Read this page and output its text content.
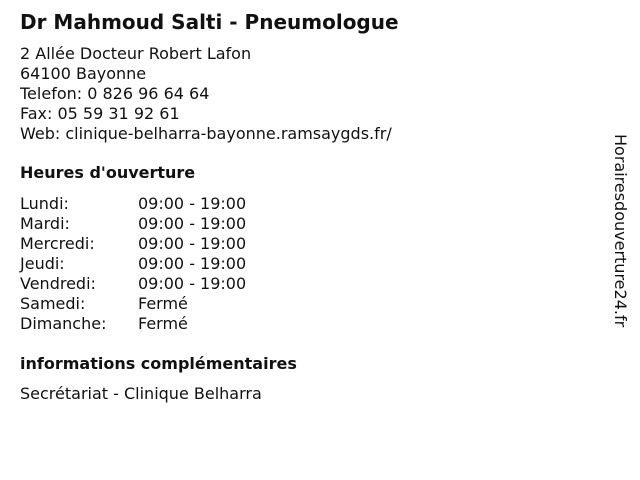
Dr Mahmoud Salti - Pneumologue
2 Allée Docteur Robert Lafon
64100 Bayonne
Telefon: 0 826 96 64 64
Fax: 05 59 31 92 61
Web: clinique-belharra-bayonne.ramsaygds.fr/
Heures d'ouverture
Lundi:	09:00 - 19:00
Mardi:	09:00 - 19:00
Mercredi:	09:00 - 19:00
Jeudi:	09:00 - 19:00
Vendredi:	09:00 - 19:00
Samedi:	Fermé
Dimanche:	Fermé
informations complémentaires
Secrétariat - Clinique Belharra
Horairesdouverture24.fr
